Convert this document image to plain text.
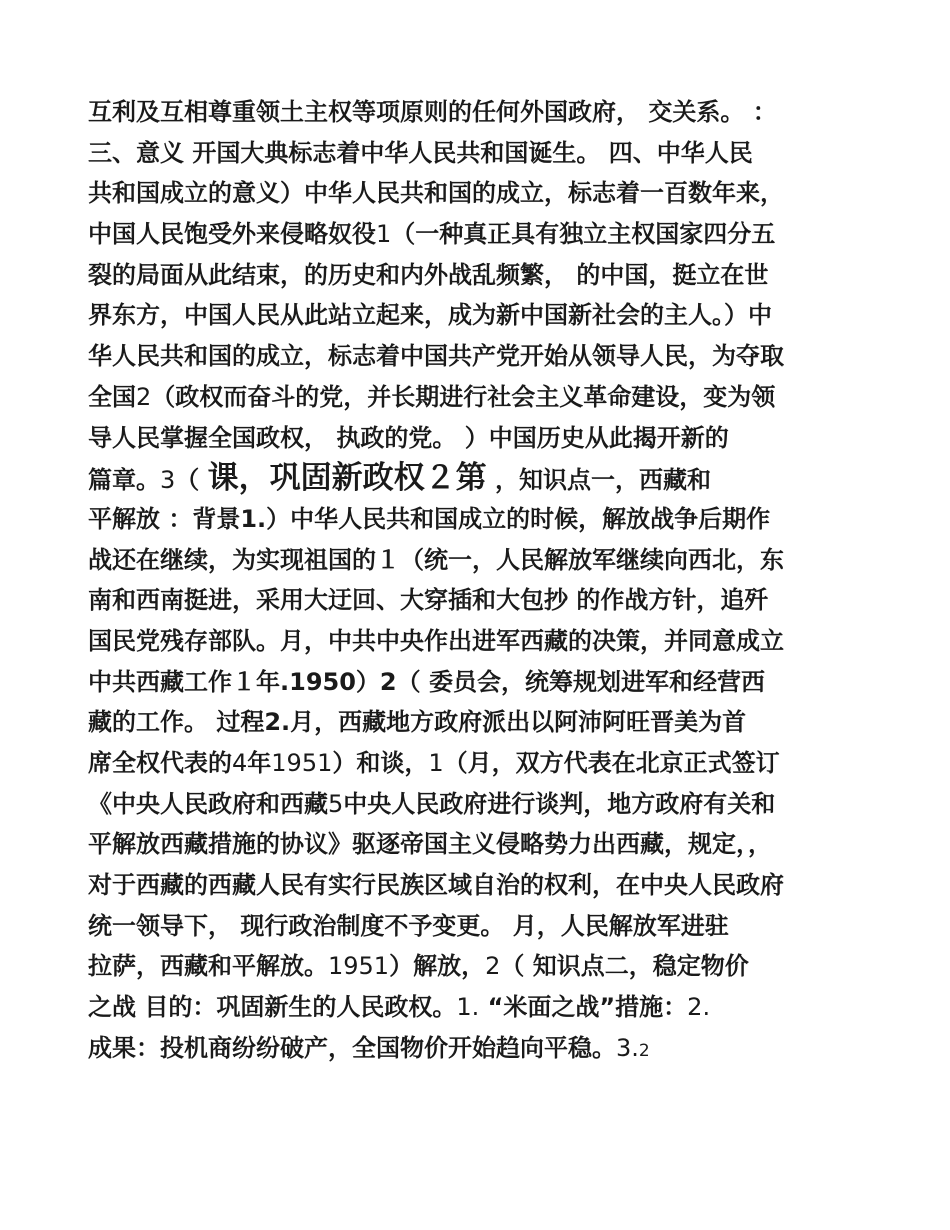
互利及互相尊重领土主权等项原则的任何外国政府， 交关系。 ：
三、意义 开国大典标志着中华人民共和国诞生。 四、中华人民
共和国成立的意义）中华人民共和国的成立，标志着一百数年来，
中国人民饱受外来侵略奴役1（一种真正具有独立主权国家四分五
裂的局面从此结束，的历史和内外战乱频繁， 的中国，挺立在世
界东方，中国人民从此站立起来，成为新中国新社会的主人。）中
华人民共和国的成立，标志着中国共产党开始从领导人民，为夺取
全国2（政权而奋斗的党，并长期进行社会主义革命建设，变为领
导人民掌握全国政权， 执政的党。 ）中国历史从此揭开新的
篇章。3（ 课，巩固新政权２第 ，知识点一，西藏和
平解放 ：背景1.）中华人民共和国成立的时候，解放战争后期作
战还在继续，为实现祖国的１（统一，人民解放军继续向西北，东
南和西南挺进，采用大迂回、大穿插和大包抄 的作战方针，追歼
国民党残存部队。月，中共中央作出进军西藏的决策，并同意成立
中共西藏工作１年.1950）2（ 委员会，统筹规划进军和经营西
藏的工作。 过程2.月，西藏地方政府派出以阿沛阿旺晋美为首
席全权代表的4年1951）和谈，1（月，双方代表在北京正式签订
《中央人民政府和西藏5中央人民政府进行谈判，地方政府有关和
平解放西藏措施的协议》驱逐帝国主义侵略势力出西藏，规定，，
对于西藏的西藏人民有实行民族区域自治的权利，在中央人民政府
统一领导下， 现行政治制度不予变更。 月，人民解放军进驻
拉萨，西藏和平解放。1951）解放，2（ 知识点二，稳定物价
之战 目的：巩固新生的人民政权。1. “米面之战”措施：2.
成果：投机商纷纷破产，全国物价开始趋向平稳。3.2
